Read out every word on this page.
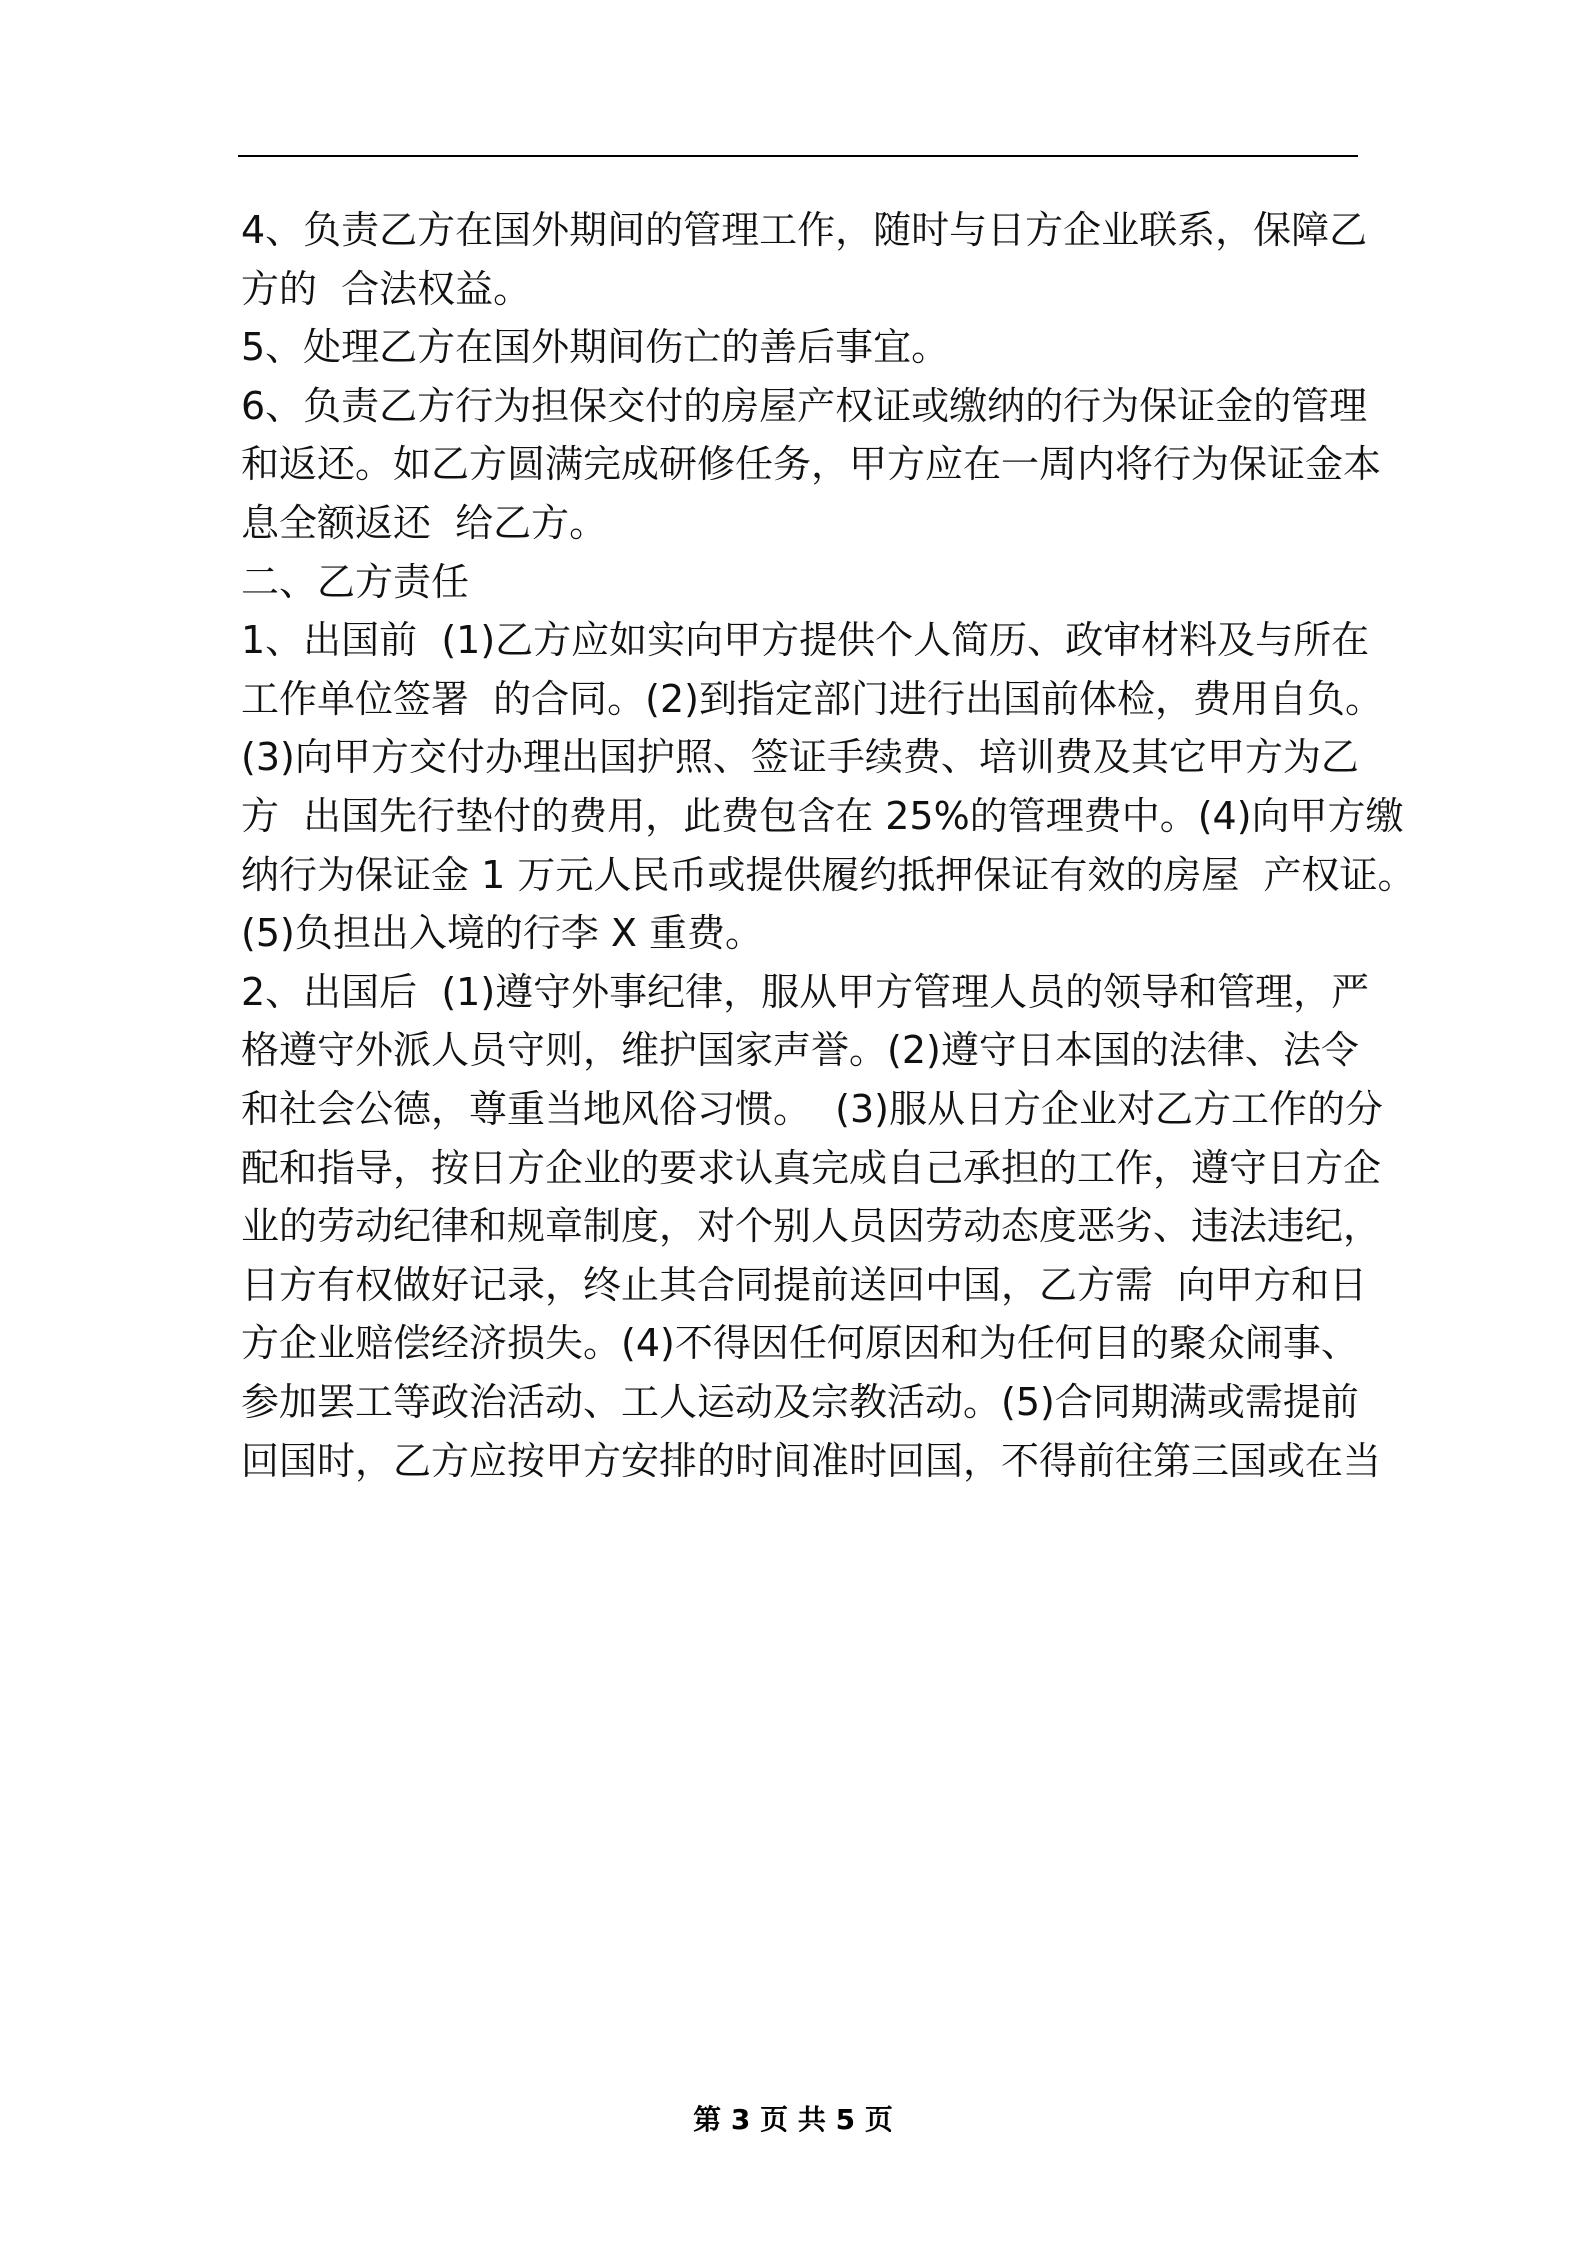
4、负责乙方在国外期间的管理工作，随时与日方企业联系，保障乙
方的  合法权益。
5、处理乙方在国外期间伤亡的善后事宜。
6、负责乙方行为担保交付的房屋产权证或缴纳的行为保证金的管理
和返还。如乙方圆满完成研修任务，甲方应在一周内将行为保证金本
息全额返还  给乙方。
二、乙方责任
1、出国前  (1)乙方应如实向甲方提供个人简历、政审材料及与所在
工作单位签署  的合同。(2)到指定部门进行出国前体检，费用自负。
(3)向甲方交付办理出国护照、签证手续费、培训费及其它甲方为乙
方  出国先行垫付的费用，此费包含在 25%的管理费中。(4)向甲方缴
纳行为保证金 1 万元人民币或提供履约抵押保证有效的房屋  产权证。
(5)负担出入境的行李 X 重费。
2、出国后  (1)遵守外事纪律，服从甲方管理人员的领导和管理，严
格遵守外派人员守则，维护国家声誉。(2)遵守日本国的法律、法令
和社会公德，尊重当地风俗习惯。  (3)服从日方企业对乙方工作的分
配和指导，按日方企业的要求认真完成自己承担的工作，遵守日方企
业的劳动纪律和规章制度，对个别人员因劳动态度恶劣、违法违纪，
日方有权做好记录，终止其合同提前送回中国，乙方需  向甲方和日
方企业赔偿经济损失。(4)不得因任何原因和为任何目的聚众闹事、
参加罢工等政治活动、工人运动及宗教活动。(5)合同期满或需提前
回国时，乙方应按甲方安排的时间准时回国，不得前往第三国或在当
第 3 页 共 5 页
